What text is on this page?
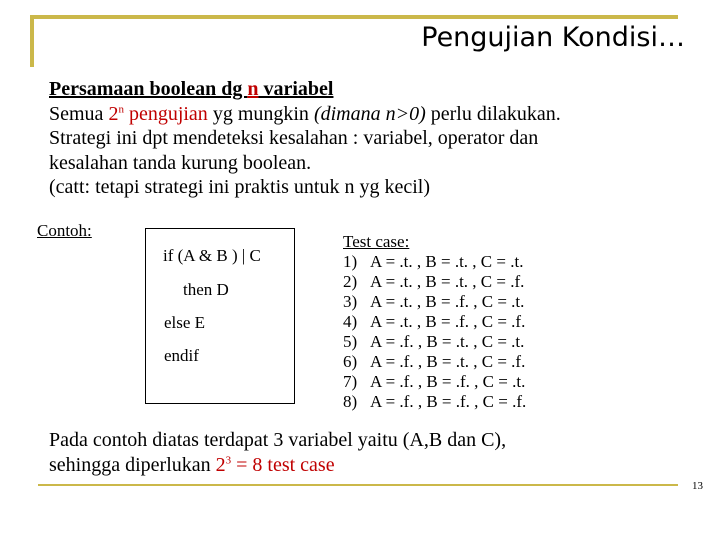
Pengujian Kondisi…
Persamaan boolean dg n variabel
Semua 2$^n$ pengujian yg mungkin (dimana n>0) perlu dilakukan.
Strategi ini dpt mendeteksi kesalahan : variabel, operator dan
kesalahan tanda kurung boolean.
(catt: tetapi strategi ini praktis untuk n yg kecil)
Contoh:
if (A & B ) | C
then D
else E
endif
Test case:
1) A = .t. , B = .t. , C = .t.
2) A = .t. , B = .t. , C = .f.
3) A = .t. , B = .f. , C = .t.
4) A = .t. , B = .f. , C = .f.
5) A = .f. , B = .t. , C = .t.
6) A = .f. , B = .t. , C = .f.
7) A = .f. , B = .f. , C = .t.
8) A = .f. , B = .f. , C = .f.
Pada contoh diatas terdapat 3 variabel yaitu (A,B dan C),
sehingga diperlukan $2^3 = 8$ test case
13
